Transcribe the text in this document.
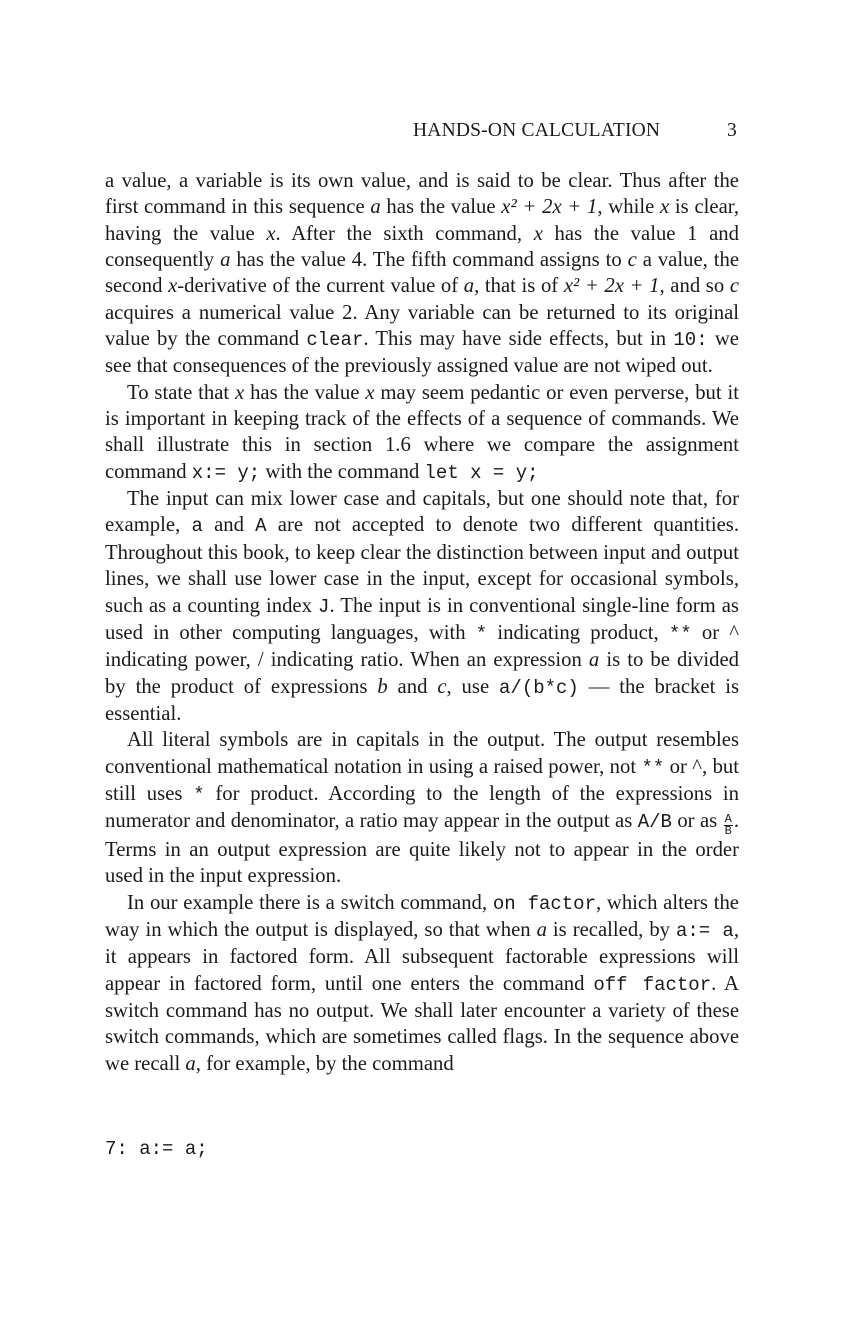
HANDS-ON CALCULATION	3

a value, a variable is its own value, and is said to be clear. Thus after the first command in this sequence a has the value x² + 2x + 1, while x is clear, having the value x. After the sixth command, x has the value 1 and consequently a has the value 4. The fifth command assigns to c a value, the second x-derivative of the current value of a, that is of x² + 2x + 1, and so c acquires a numerical value 2. Any variable can be returned to its original value by the command clear. This may have side effects, but in 10: we see that consequences of the previously assigned value are not wiped out.

To state that x has the value x may seem pedantic or even perverse, but it is important in keeping track of the effects of a sequence of commands. We shall illustrate this in section 1.6 where we compare the assignment command x:= y; with the command let x = y;

The input can mix lower case and capitals, but one should note that, for example, a and A are not accepted to denote two different quantities. Throughout this book, to keep clear the distinction between input and output lines, we shall use lower case in the input, except for occasional symbols, such as a counting index J. The input is in conventional single-line form as used in other computing languages, with * indicating product, ** or ^ indicating power, / indicating ratio. When an expression a is to be divided by the product of expressions b and c, use a/(b*c) — the bracket is essential.

All literal symbols are in capitals in the output. The output resembles conventional mathematical notation in using a raised power, not ** or ^, but still uses * for product. According to the length of the expressions in numerator and denominator, a ratio may appear in the output as A/B or as $\frac{A}{B}$ . Terms in an output expression are quite likely not to appear in the order used in the input expression.

In our example there is a switch command, on factor, which alters the way in which the output is displayed, so that when a is recalled, by a:= a, it appears in factored form. All subsequent factorable expressions will appear in factored form, until one enters the command off factor. A switch command has no output. We shall later encounter a variety of these switch commands, which are sometimes called flags. In the sequence above we recall a, for example, by the command

7: a:= a;
